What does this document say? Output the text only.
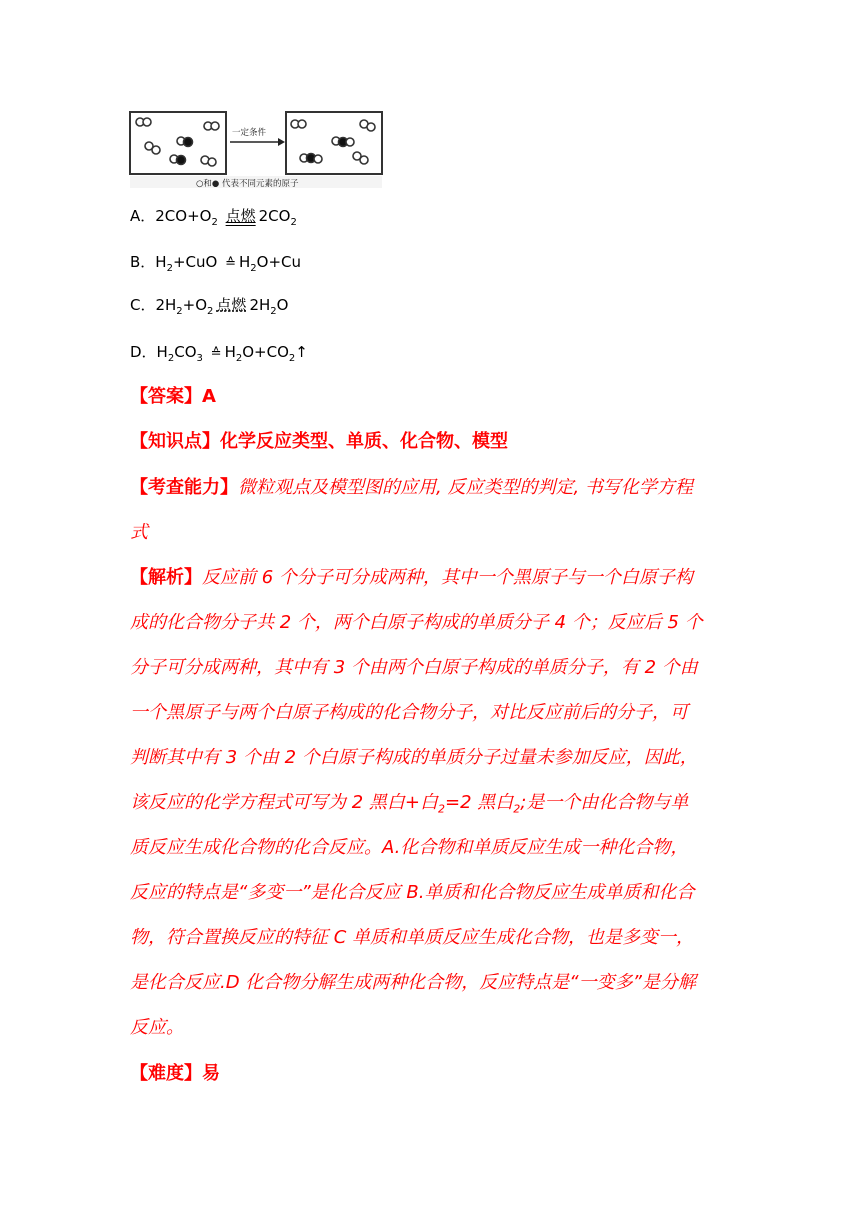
一定条件
○和● 代表不同元素的原子
A．$2CO+O_2$ 点燃 $2CO_2$
B．$H_2+CuO$ ≙ $H_2O+Cu$
C．$2H_2+O_2$ 点燃 $2H_2O$
D．$H_2CO_3$ ≙ $H_2O+CO_2↑$
【答案】A
【知识点】化学反应类型、单质、化合物、模型
【考查能力】微粒观点及模型图的应用, 反应类型的判定, 书写化学方程
式
【解析】反应前 6 个分子可分成两种，其中一个黑原子与一个白原子构
成的化合物分子共 2 个，两个白原子构成的单质分子 4 个；反应后 5 个
分子可分成两种，其中有 3 个由两个白原子构成的单质分子，有 2 个由
一个黑原子与两个白原子构成的化合物分子，对比反应前后的分子，可
判断其中有 3 个由 2 个白原子构成的单质分子过量未参加反应，因此，
该反应的化学方程式可写为 2 黑白+白$_2$=2 黑白$_2$;是一个由化合物与单
质反应生成化合物的化合反应。A.化合物和单质反应生成一种化合物，
反应的特点是“多变一”是化合反应 B.单质和化合物反应生成单质和化合
物，符合置换反应的特征 C 单质和单质反应生成化合物，也是多变一，
是化合反应.D 化合物分解生成两种化合物，反应特点是“一变多”是分解
反应。
【难度】易
